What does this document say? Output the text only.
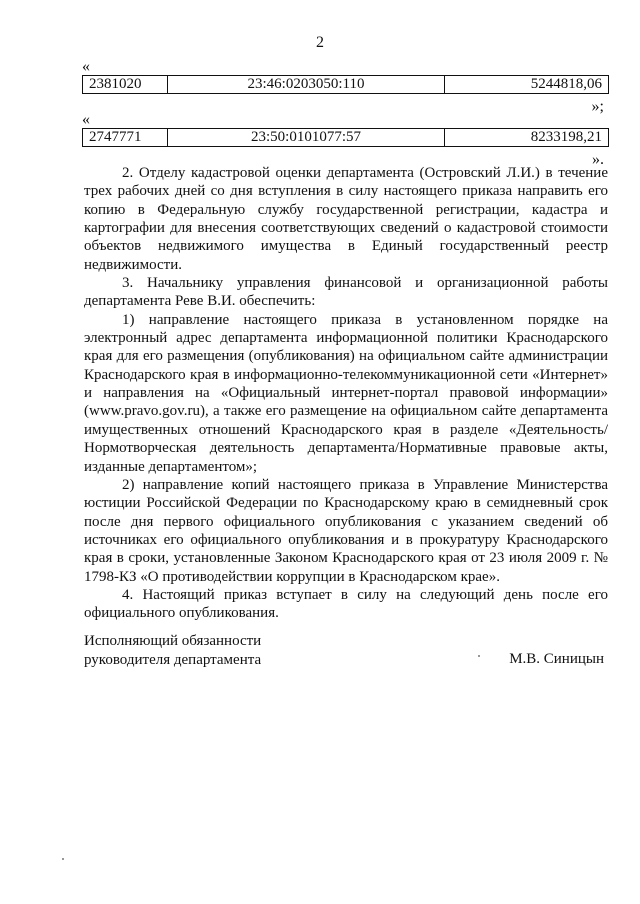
2
«
2381020	23:46:0203050:110	5244818,06
»;
«
2747771	23:50:0101077:57	8233198,21
».

2. Отделу кадастровой оценки департамента (Островский Л.И.) в течение трех рабочих дней со дня вступления в силу настоящего приказа направить его копию в Федеральную службу государственной регистрации, кадастра и картографии для внесения соответствующих сведений о кадастровой стоимости объектов недвижимого имущества в Единый государственный реестр недвижимости.

3. Начальнику управления финансовой и организационной работы департамента Реве В.И. обеспечить:

1) направление настоящего приказа в установленном порядке на электронный адрес департамента информационной политики Краснодарского края для его размещения (опубликования) на официальном сайте администрации Краснодарского края в информационно-телекоммуникационной сети «Интернет» и направления на «Официальный интернет-портал правовой информации» (www.pravo.gov.ru), а также его размещение на официальном сайте департамента имущественных отношений Краснодарского края в разделе «Деятельность/Нормотворческая деятельность департамента/Нормативные правовые акты, изданные департаментом»;

2) направление копий настоящего приказа в Управление Министерства юстиции Российской Федерации по Краснодарскому краю в семидневный срок после дня первого официального опубликования с указанием сведений об источниках его официального опубликования и в прокуратуру Краснодарского края в сроки, установленные Законом Краснодарского края от 23 июля 2009 г. № 1798-КЗ «О противодействии коррупции в Краснодарском крае».

4. Настоящий приказ вступает в силу на следующий день после его официального опубликования.

Исполняющий обязанности
руководителя департамента	М.В. Синицын
